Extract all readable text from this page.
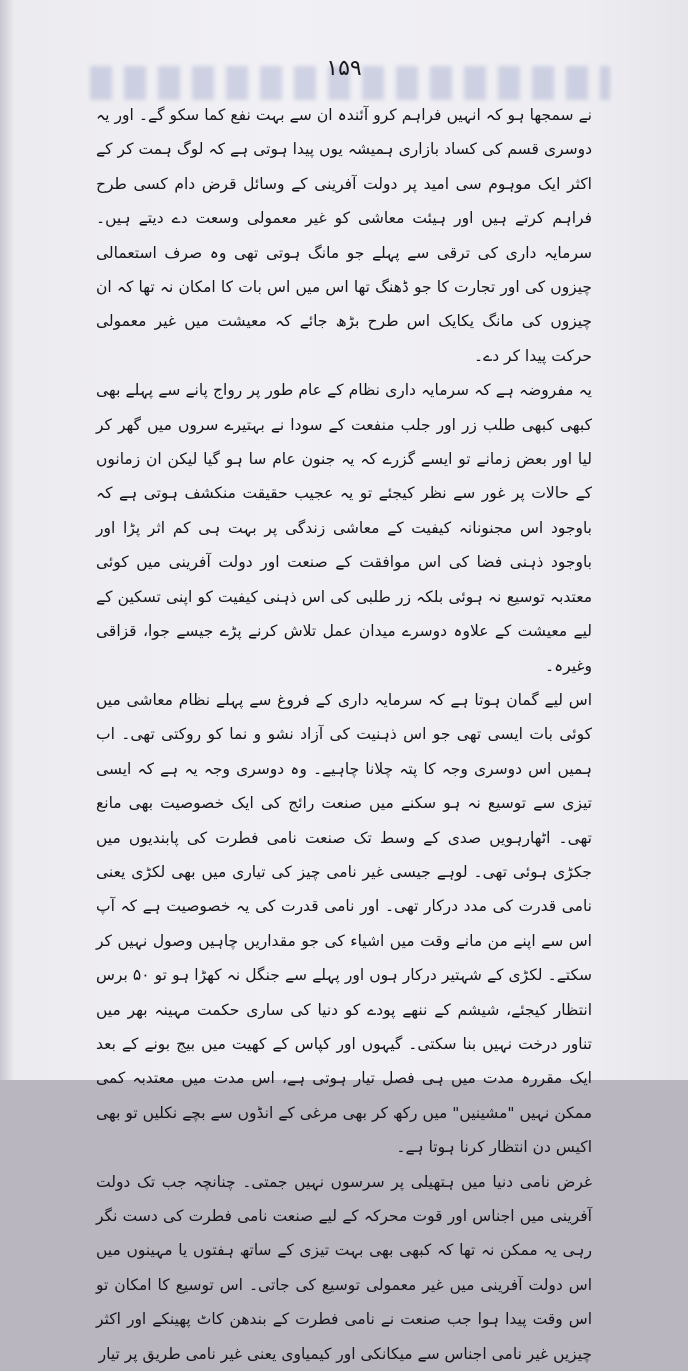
۱۵۹

نے سمجھا ہو کہ انہیں فراہم کرو آئندہ ان سے بہت نفع کما سکو گے۔ اور یہ دوسری قسم کی کساد بازاری ہمیشہ یوں پیدا ہوتی ہے کہ لوگ ہمت کر کے اکثر ایک موہوم سی امید پر دولت آفرینی کے وسائل قرض دام کسی طرح فراہم کرتے ہیں اور ہیئت معاشی کو غیر معمولی وسعت دے دیتے ہیں۔ سرمایہ داری کی ترقی سے پہلے جو مانگ ہوتی تھی وہ صرف استعمالی چیزوں کی اور تجارت کا جو ڈھنگ تھا اس میں اس بات کا امکان نہ تھا کہ ان چیزوں کی مانگ یکایک اس طرح بڑھ جائے کہ معیشت میں غیر معمولی حرکت پیدا کر دے۔

یہ مفروضہ ہے کہ سرمایہ داری نظام کے عام طور پر رواج پانے سے پہلے بھی کبھی کبھی طلب زر اور جلب منفعت کے سودا نے بہتیرے سروں میں گھر کر لیا اور بعض زمانے تو ایسے گزرے کہ یہ جنون عام سا ہو گیا لیکن ان زمانوں کے حالات پر غور سے نظر کیجئے تو یہ عجیب حقیقت منکشف ہوتی ہے کہ باوجود اس مجنونانہ کیفیت کے معاشی زندگی پر بہت ہی کم اثر پڑا اور باوجود ذہنی فضا کی اس موافقت کے صنعت اور دولت آفرینی میں کوئی معتدبہ توسیع نہ ہوئی بلکہ زر طلبی کی اس ذہنی کیفیت کو اپنی تسکین کے لیے معیشت کے علاوہ دوسرے میدان عمل تلاش کرنے پڑے جیسے جوا، قزاقی وغیرہ۔

اس لیے گمان ہوتا ہے کہ سرمایہ داری کے فروغ سے پہلے نظام معاشی میں کوئی بات ایسی تھی جو اس ذہنیت کی آزاد نشو و نما کو روکتی تھی۔ اب ہمیں اس دوسری وجہ کا پتہ چلانا چاہیے۔ وہ دوسری وجہ یہ ہے کہ ایسی تیزی سے توسیع نہ ہو سکنے میں صنعت رائج کی ایک خصوصیت بھی مانع تھی۔ اٹھارہویں صدی کے وسط تک صنعت نامی فطرت کی پابندیوں میں جکڑی ہوئی تھی۔ لوہے جیسی غیر نامی چیز کی تیاری میں بھی لکڑی یعنی نامی قدرت کی مدد درکار تھی۔ اور نامی قدرت کی یہ خصوصیت ہے کہ آپ اس سے اپنے من مانے وقت میں اشیاء کی جو مقداریں چاہیں وصول نہیں کر سکتے۔ لکڑی کے شہتیر درکار ہوں اور پہلے سے جنگل نہ کھڑا ہو تو ۵۰ برس انتظار کیجئے، شیشم کے ننھے پودے کو دنیا کی ساری حکمت مہینہ بھر میں تناور درخت نہیں بنا سکتی۔ گیہوں اور کپاس کے کھیت میں بیج بونے کے بعد ایک مقررہ مدت میں ہی فصل تیار ہوتی ہے، اس مدت میں معتدبہ کمی ممکن نہیں "مشینیں" میں رکھ کر بھی مرغی کے انڈوں سے بچے نکلیں تو بھی اکیس دن انتظار کرنا ہوتا ہے۔

غرض نامی دنیا میں ہتھیلی پر سرسوں نہیں جمتی۔ چنانچہ جب تک دولت آفرینی میں اجناس اور قوت محرکہ کے لیے صنعت نامی فطرت کی دست نگر رہی یہ ممکن نہ تھا کہ کبھی بھی بہت تیزی کے ساتھ ہفتوں یا مہینوں میں اس دولت آفرینی میں غیر معمولی توسیع کی جاتی۔ اس توسیع کا امکان تو اس وقت پیدا ہوا جب صنعت نے نامی فطرت کے بندھن کاٹ پھینکے اور اکثر چیزیں غیر نامی اجناس سے میکانکی اور کیمیاوی یعنی غیر نامی طریق پر تیار
